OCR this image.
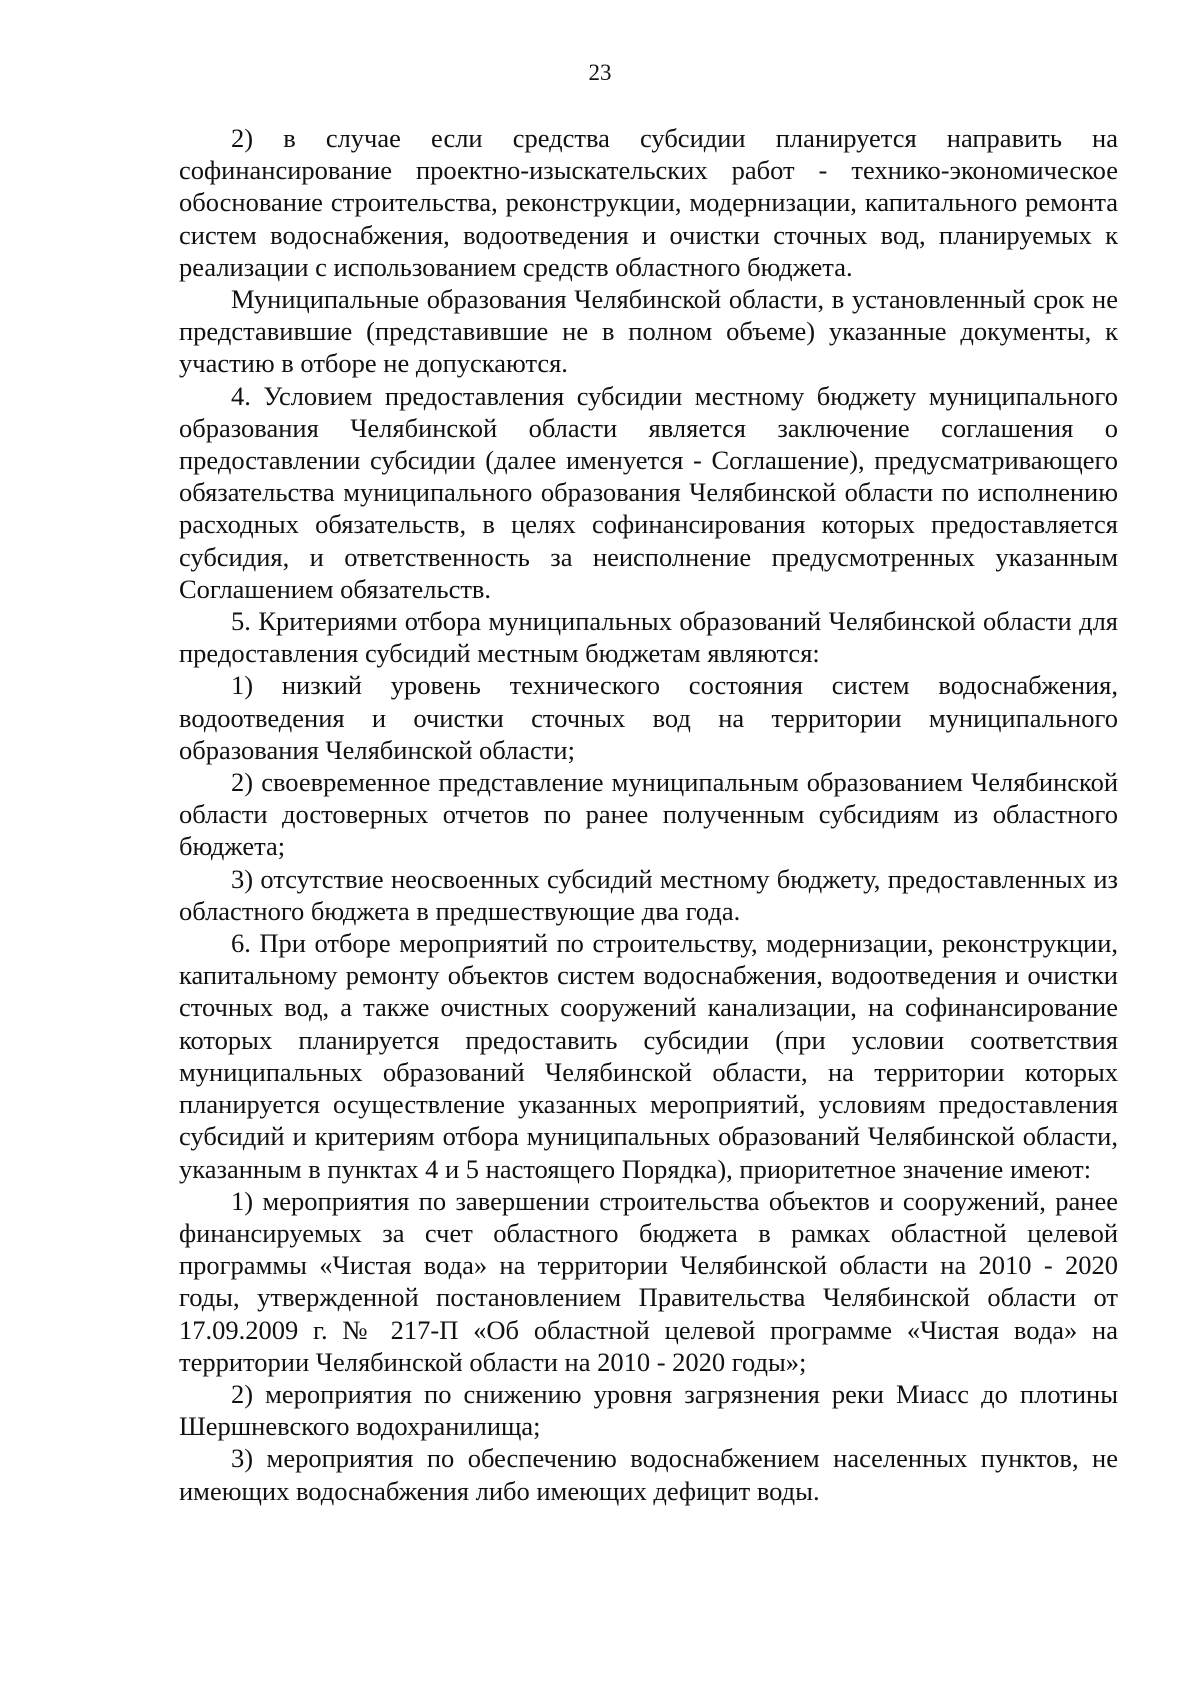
23

2) в случае если средства субсидии планируется направить на софинансирование проектно-изыскательских работ - технико-экономическое обоснование строительства, реконструкции, модернизации, капитального ремонта систем водоснабжения, водоотведения и очистки сточных вод, планируемых к реализации с использованием средств областного бюджета.

Муниципальные образования Челябинской области, в установленный срок не представившие (представившие не в полном объеме) указанные документы, к участию в отборе не допускаются.

4. Условием предоставления субсидии местному бюджету муниципального образования Челябинской области является заключение соглашения о предоставлении субсидии (далее именуется - Соглашение), предусматривающего обязательства муниципального образования Челябинской области по исполнению расходных обязательств, в целях софинансирования которых предоставляется субсидия, и ответственность за неисполнение предусмотренных указанным Соглашением обязательств.

5. Критериями отбора муниципальных образований Челябинской области для предоставления субсидий местным бюджетам являются:

1) низкий уровень технического состояния систем водоснабжения, водоотведения и очистки сточных вод на территории муниципального образования Челябинской области;

2) своевременное представление муниципальным образованием Челябинской области достоверных отчетов по ранее полученным субсидиям из областного бюджета;

3) отсутствие неосвоенных субсидий местному бюджету, предоставленных из областного бюджета в предшествующие два года.

6. При отборе мероприятий по строительству, модернизации, реконструкции, капитальному ремонту объектов систем водоснабжения, водоотведения и очистки сточных вод, а также очистных сооружений канализации, на софинансирование которых планируется предоставить субсидии (при условии соответствия муниципальных образований Челябинской области, на территории которых планируется осуществление указанных мероприятий, условиям предоставления субсидий и критериям отбора муниципальных образований Челябинской области, указанным в пунктах 4 и 5 настоящего Порядка), приоритетное значение имеют:

1) мероприятия по завершении строительства объектов и сооружений, ранее финансируемых за счет областного бюджета в рамках областной целевой программы «Чистая вода» на территории Челябинской области на 2010 - 2020 годы, утвержденной постановлением Правительства Челябинской области от 17.09.2009 г. № 217-П «Об областной целевой программе «Чистая вода» на территории Челябинской области на 2010 - 2020 годы»;

2) мероприятия по снижению уровня загрязнения реки Миасс до плотины Шершневского водохранилища;

3) мероприятия по обеспечению водоснабжением населенных пунктов, не имеющих водоснабжения либо имеющих дефицит воды.
